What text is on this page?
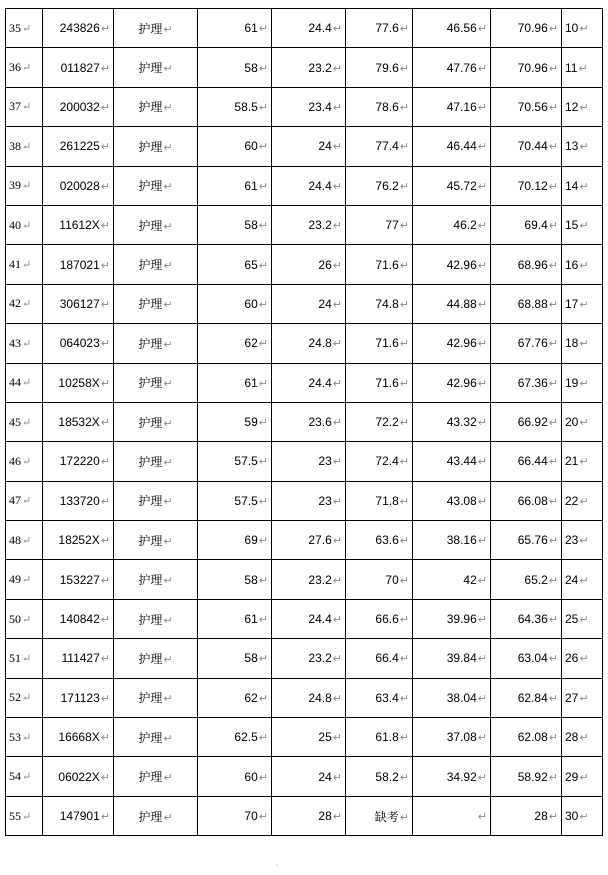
35↵	243826↵	护理↵	61↵	24.4↵	77.6↵	46.56↵	70.96↵	10↵
36↵	011827↵	护理↵	58↵	23.2↵	79.6↵	47.76↵	70.96↵	11↵
37↵	200032↵	护理↵	58.5↵	23.4↵	78.6↵	47.16↵	70.56↵	12↵
38↵	261225↵	护理↵	60↵	24↵	77.4↵	46.44↵	70.44↵	13↵
39↵	020028↵	护理↵	61↵	24.4↵	76.2↵	45.72↵	70.12↵	14↵
40↵	11612X↵	护理↵	58↵	23.2↵	77↵	46.2↵	69.4↵	15↵
41↵	187021↵	护理↵	65↵	26↵	71.6↵	42.96↵	68.96↵	16↵
42↵	306127↵	护理↵	60↵	24↵	74.8↵	44.88↵	68.88↵	17↵
43↵	064023↵	护理↵	62↵	24.8↵	71.6↵	42.96↵	67.76↵	18↵
44↵	10258X↵	护理↵	61↵	24.4↵	71.6↵	42.96↵	67.36↵	19↵
45↵	18532X↵	护理↵	59↵	23.6↵	72.2↵	43.32↵	66.92↵	20↵
46↵	172220↵	护理↵	57.5↵	23↵	72.4↵	43.44↵	66.44↵	21↵
47↵	133720↵	护理↵	57.5↵	23↵	71.8↵	43.08↵	66.08↵	22↵
48↵	18252X↵	护理↵	69↵	27.6↵	63.6↵	38.16↵	65.76↵	23↵
49↵	153227↵	护理↵	58↵	23.2↵	70↵	42↵	65.2↵	24↵
50↵	140842↵	护理↵	61↵	24.4↵	66.6↵	39.96↵	64.36↵	25↵
51↵	111427↵	护理↵	58↵	23.2↵	66.4↵	39.84↵	63.04↵	26↵
52↵	171123↵	护理↵	62↵	24.8↵	63.4↵	38.04↵	62.84↵	27↵
53↵	16668X↵	护理↵	62.5↵	25↵	61.8↵	37.08↵	62.08↵	28↵
54↵	06022X↵	护理↵	60↵	24↵	58.2↵	34.92↵	58.92↵	29↵
55↵	147901↵	护理↵	70↵	28↵	缺考↵	↵	28↵	30↵
⸱
